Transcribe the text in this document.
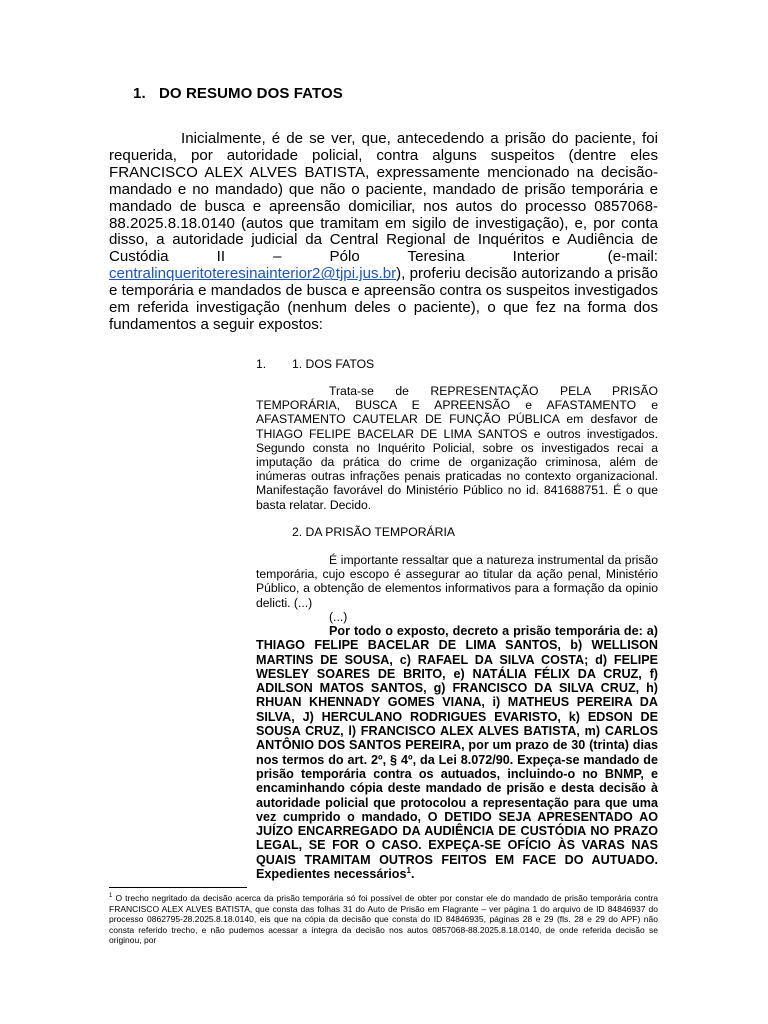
1. DO RESUMO DOS FATOS
Inicialmente, é de se ver, que, antecedendo a prisão do paciente, foi requerida, por autoridade policial, contra alguns suspeitos (dentre eles FRANCISCO ALEX ALVES BATISTA, expressamente mencionado na decisão-mandado e no mandado) que não o paciente, mandado de prisão temporária e mandado de busca e apreensão domiciliar, nos autos do processo 0857068-88.2025.8.18.0140 (autos que tramitam em sigilo de investigação), e, por conta disso, a autoridade judicial da Central Regional de Inquéritos e Audiência de Custódia II – Pólo Teresina Interior (e-mail: centralinqueritoteresinainterior2@tjpi.jus.br), proferiu decisão autorizando a prisão e temporária e mandados de busca e apreensão contra os suspeitos investigados em referida investigação (nenhum deles o paciente), o que fez na forma dos fundamentos a seguir expostos:
1. 1. DOS FATOS
Trata-se de REPRESENTAÇÃO PELA PRISÃO TEMPORÁRIA, BUSCA E APREENSÃO e AFASTAMENTO e AFASTAMENTO CAUTELAR DE FUNÇÃO PÚBLICA em desfavor de THIAGO FELIPE BACELAR DE LIMA SANTOS e outros investigados. Segundo consta no Inquérito Policial, sobre os investigados recai a imputação da prática do crime de organização criminosa, além de inúmeras outras infrações penais praticadas no contexto organizacional. Manifestação favorável do Ministério Público no id. 841688751. É o que basta relatar. Decido.
2. DA PRISÃO TEMPORÁRIA
É importante ressaltar que a natureza instrumental da prisão temporária, cujo escopo é assegurar ao titular da ação penal, Ministério Público, a obtenção de elementos informativos para a formação da opinio delicti. (...)
(...)
Por todo o exposto, decreto a prisão temporária de: a) THIAGO FELIPE BACELAR DE LIMA SANTOS, b) WELLISON MARTINS DE SOUSA, c) RAFAEL DA SILVA COSTA; d) FELIPE WESLEY SOARES DE BRITO, e) NATÁLIA FÉLIX DA CRUZ, f) ADILSON MATOS SANTOS, g) FRANCISCO DA SILVA CRUZ, h) RHUAN KHENNADY GOMES VIANA, i) MATHEUS PEREIRA DA SILVA, J) HERCULANO RODRIGUES EVARISTO, k) EDSON DE SOUSA CRUZ, l) FRANCISCO ALEX ALVES BATISTA, m) CARLOS ANTÔNIO DOS SANTOS PEREIRA, por um prazo de 30 (trinta) dias nos termos do art. 2º, § 4º, da Lei 8.072/90. Expeça-se mandado de prisão temporária contra os autuados, incluindo-o no BNMP, e encaminhando cópia deste mandado de prisão e desta decisão à autoridade policial que protocolou a representação para que uma vez cumprido o mandado, O DETIDO SEJA APRESENTADO AO JUÍZO ENCARREGADO DA AUDIÊNCIA DE CUSTÓDIA NO PRAZO LEGAL, SE FOR O CASO. EXPEÇA-SE OFÍCIO ÀS VARAS NAS QUAIS TRAMITAM OUTROS FEITOS EM FACE DO AUTUADO. Expedientes necessários$^1$.
$^1$ O trecho negritado da decisão acerca da prisão temporária só foi possível de obter por constar ele do mandado de prisão temporária contra FRANCISCO ALEX ALVES BATISTA, que consta das folhas 31 do Auto de Prisão em Flagrante – ver página 1 do arquivo de ID 84846937 do processo 0862795-28.2025.8.18.0140, eis que na cópia da decisão que consta do ID 84846935, páginas 28 e 29 (fls. 28 e 29 do APF) não consta referido trecho, e não pudemos acessar a íntegra da decisão nos autos 0857068-88.2025.8.18.0140, de onde referida decisão se originou, por
